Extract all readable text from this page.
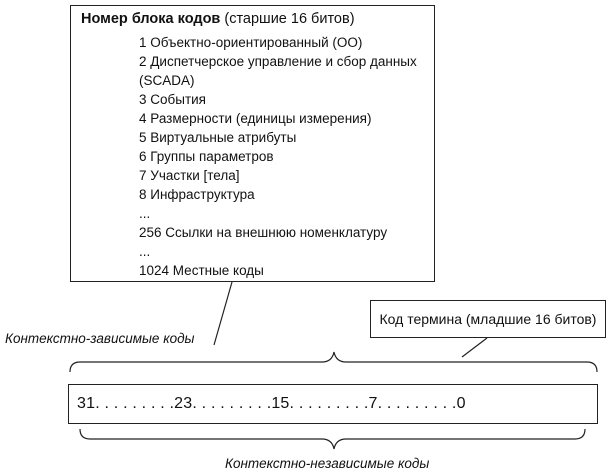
Номер блока кодов (старшие 16 битов)
1 Объектно-ориентированный (ОО)
2 Диспетчерское управление и сбор данных (SCADA)
3 События
4 Размерности (единицы измерения)
5 Виртуальные атрибуты
6 Группы параметров
7 Участки [тела]
8 Инфраструктура
...
256 Ссылки на внешнюю номенклатуру
...
1024 Местные коды
Код термина (младшие 16 битов)
Контекстно-зависимые коды
31. . . . . . . . .23. . . . . . . . .15. . . . . . . . .7. . . . . . . . .0
Контекстно-независимые коды
